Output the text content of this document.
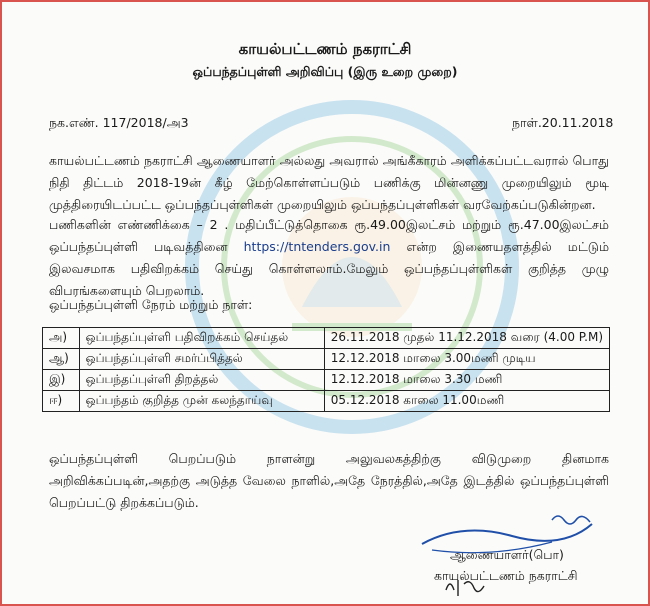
காயல்பட்டணம் நகராட்சி
ஒப்பந்தப்புள்ளி அறிவிப்பு (இரு உறை முறை)
நக.எண். 117/2018/அ3	நாள்.20.11.2018
காயல்பட்டணம் நகராட்சி ஆணையாளர் அல்லது அவரால் அங்கீகாரம் அளிக்கப்பட்டவரால் பொது நிதி திட்டம் 2018-19ன் கீழ் மேற்கொள்ளப்படும் பணிக்கு மின்னணு முறையிலும் மூடி முத்திரையிடப்பட்ட ஒப்பந்தப்புள்ளிகள் முறையிலும் ஒப்பந்தப்புள்ளிகள் வரவேற்கப்படுகின்றன.
பணிகளின் எண்ணிக்கை – 2 . மதிப்பீட்டுத்தொகை ரூ.49.00இலட்சம் மற்றும் ரூ.47.00இலட்சம் ஒப்பந்தப்புள்ளி படிவத்தினை https://tntenders.gov.in என்ற இணையதளத்தில் மட்டும் இலவசமாக பதிவிறக்கம் செய்து கொள்ளலாம்.மேலும் ஒப்பந்தப்புள்ளிகள் குறித்த முழு விபரங்களையும் பெறலாம்.
ஒப்பந்தப்புள்ளி நேரம் மற்றும் நாள்:
அ)	ஒப்பந்தப்புள்ளி பதிவிறக்கம் செய்தல்	26.11.2018 முதல் 11.12.2018 வரை (4.00 P.M)
ஆ)	ஒப்பந்தப்புள்ளி சமர்ப்பித்தல்	12.12.2018 மாலை 3.00மணி முடிய
இ)	ஒப்பந்தப்புள்ளி திறத்தல்	12.12.2018 மாலை 3.30 மணி
ஈ)	ஒப்பந்தம் குறித்த முன் கலந்தாய்வு	05.12.2018 காலை 11.00மணி
ஒப்பந்தப்புள்ளி பெறப்படும் நாளன்று அலுவலகத்திற்கு விடுமுறை தினமாக அறிவிக்கப்படின்,அதற்கு அடுத்த வேலை நாளில்,அதே நேரத்தில்,அதே இடத்தில் ஒப்பந்தப்புள்ளி பெறப்பட்டு திறக்கப்படும்.
ஆணையாளர்(பொ)
காயல்பட்டணம் நகராட்சி
